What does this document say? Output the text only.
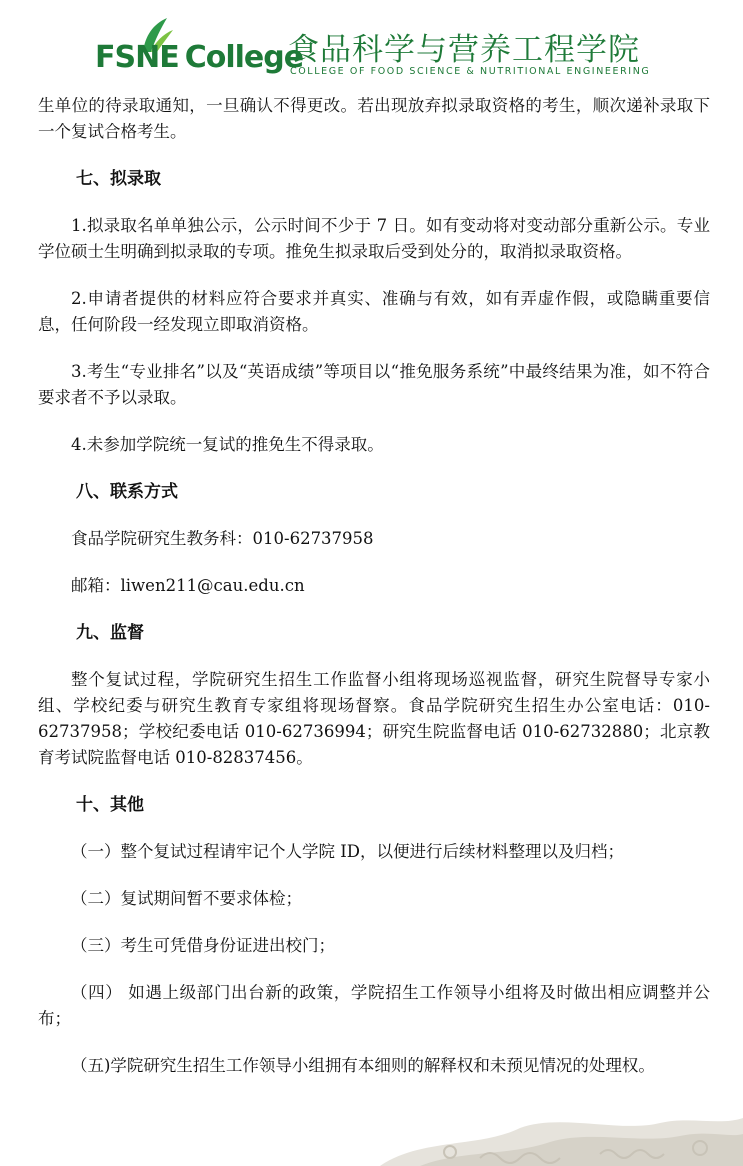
FSNE College
食品科学与营养工程学院
COLLEGE OF FOOD SCIENCE & NUTRITIONAL ENGINEERING

生单位的待录取通知，一旦确认不得更改。若出现放弃拟录取资格的考生，顺次递补录取下一个复试合格考生。

七、拟录取

1.拟录取名单单独公示，公示时间不少于 7 日。如有变动将对变动部分重新公示。专业学位硕士生明确到拟录取的专项。推免生拟录取后受到处分的，取消拟录取资格。

2.申请者提供的材料应符合要求并真实、准确与有效，如有弄虚作假，或隐瞒重要信息，任何阶段一经发现立即取消资格。

3.考生“专业排名”以及“英语成绩”等项目以“推免服务系统”中最终结果为准，如不符合要求者不予以录取。

4.未参加学院统一复试的推免生不得录取。

八、联系方式

食品学院研究生教务科：010-62737958

邮箱：liwen211@cau.edu.cn

九、监督

整个复试过程，学院研究生招生工作监督小组将现场巡视监督，研究生院督导专家小组、学校纪委与研究生教育专家组将现场督察。食品学院研究生招生办公室电话：010-62737958；学校纪委电话 010-62736994；研究生院监督电话 010-62732880；北京教育考试院监督电话 010-82837456。

十、其他

（一）整个复试过程请牢记个人学院 ID，以便进行后续材料整理以及归档；

（二）复试期间暂不要求体检；

（三）考生可凭借身份证进出校门；

（四） 如遇上级部门出台新的政策，学院招生工作领导小组将及时做出相应调整并公布；

（五)学院研究生招生工作领导小组拥有本细则的解释权和未预见情况的处理权。
